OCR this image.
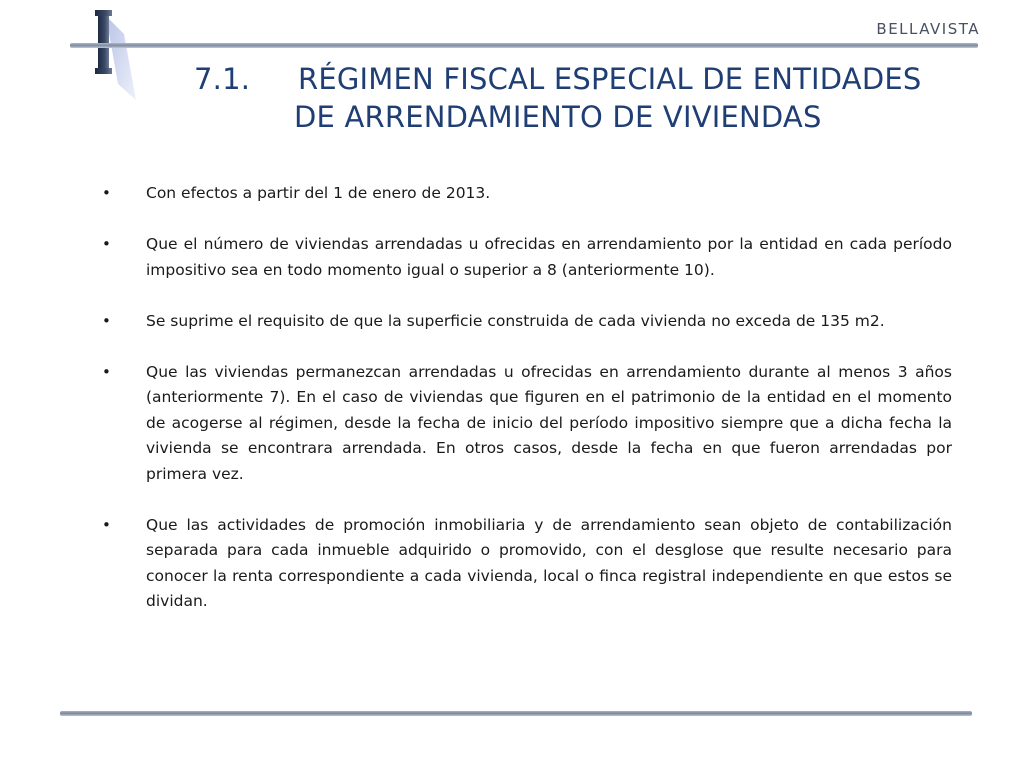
BELLAVISTA
7.1. RÉGIMEN FISCAL ESPECIAL DE ENTIDADES
DE ARRENDAMIENTO DE VIVIENDAS
•	Con efectos a partir del 1 de enero de 2013.
•	Que el número de viviendas arrendadas u ofrecidas en arrendamiento por la entidad en cada período impositivo sea en todo momento igual o superior a 8 (anteriormente 10).
•	Se suprime el requisito de que la superficie construida de cada vivienda no exceda de 135 m2.
•	Que las viviendas permanezcan arrendadas u ofrecidas en arrendamiento durante al menos 3 años (anteriormente 7). En el caso de viviendas que figuren en el patrimonio de la entidad en el momento de acogerse al régimen, desde la fecha de inicio del período impositivo siempre que a dicha fecha la vivienda se encontrara arrendada. En otros casos, desde la fecha en que fueron arrendadas por primera vez.
•	Que las actividades de promoción inmobiliaria y de arrendamiento sean objeto de contabilización separada para cada inmueble adquirido o promovido, con el desglose que resulte necesario para conocer la renta correspondiente a cada vivienda, local o finca registral independiente en que estos se dividan.
